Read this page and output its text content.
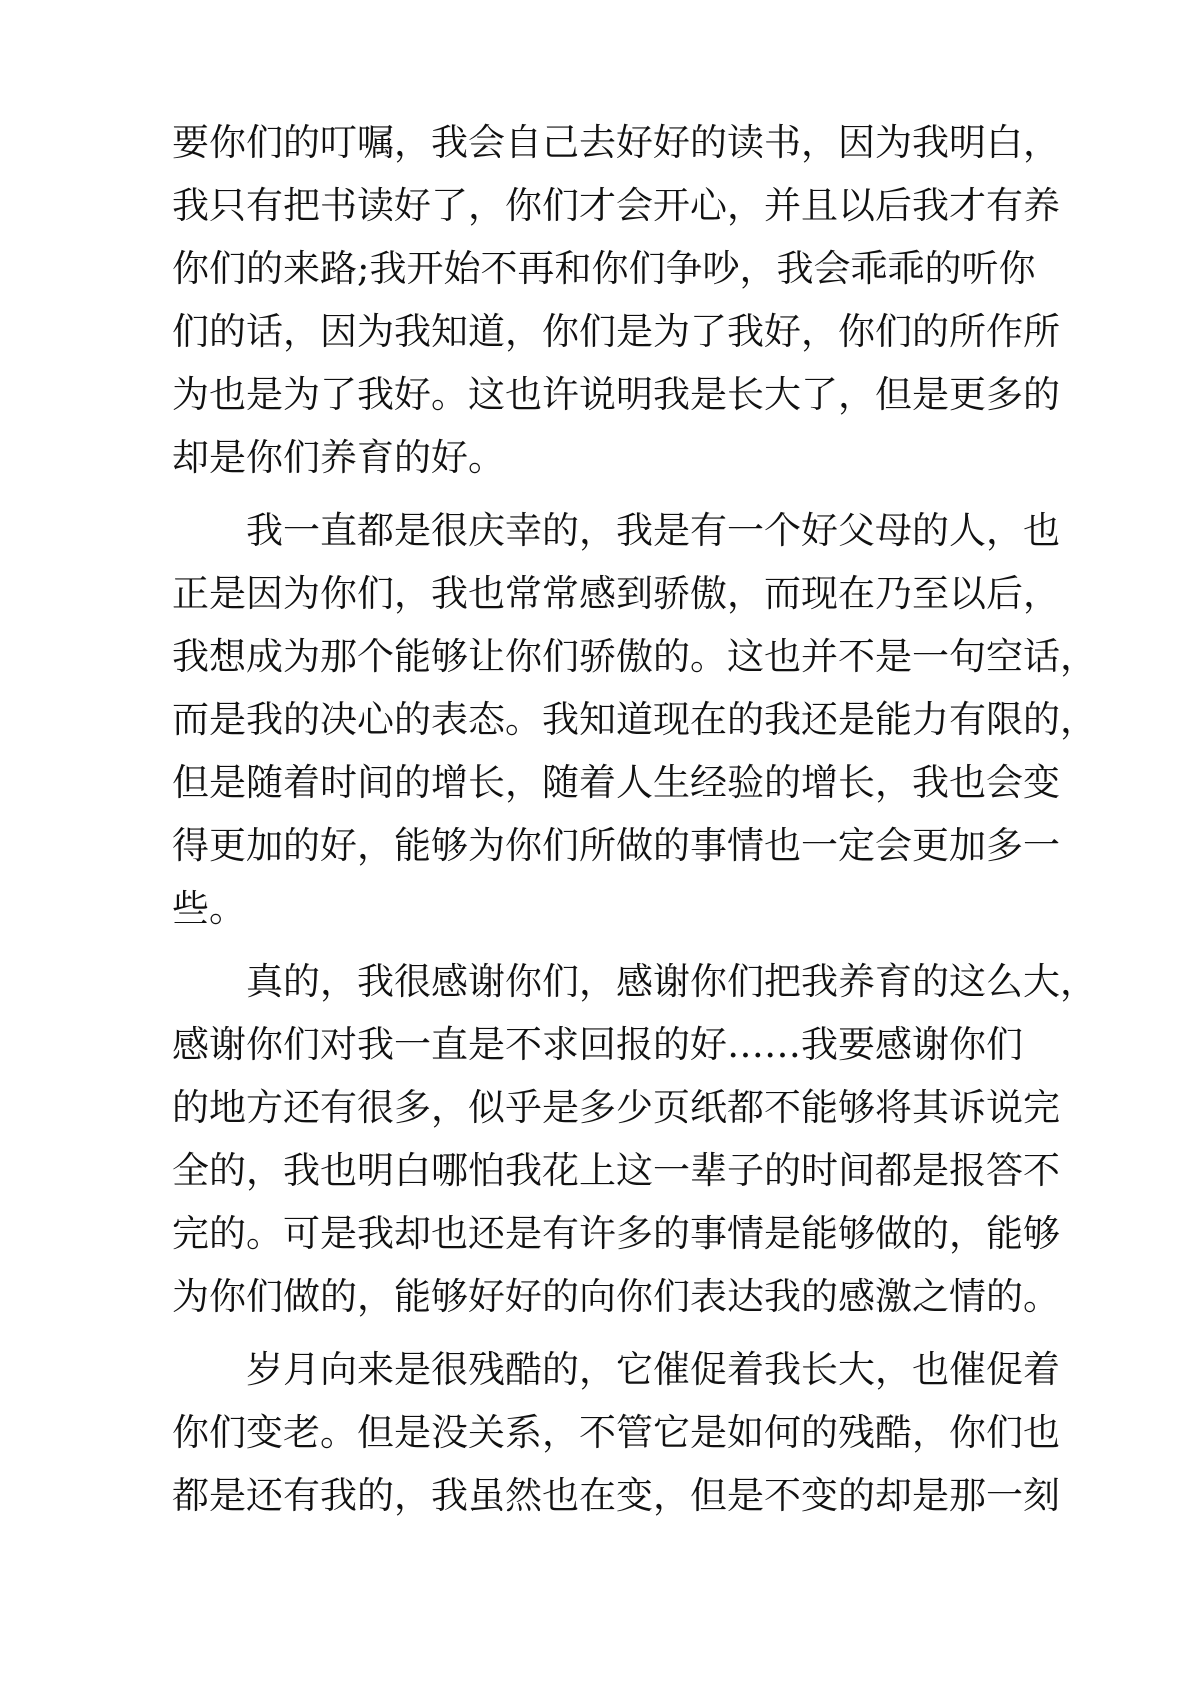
要你们的叮嘱，我会自己去好好的读书，因为我明白，
我只有把书读好了，你们才会开心，并且以后我才有养
你们的来路;我开始不再和你们争吵，我会乖乖的听你
们的话，因为我知道，你们是为了我好，你们的所作所
为也是为了我好。这也许说明我是长大了，但是更多的
却是你们养育的好。
　　我一直都是很庆幸的，我是有一个好父母的人，也
正是因为你们，我也常常感到骄傲，而现在乃至以后，
我想成为那个能够让你们骄傲的。这也并不是一句空话，
而是我的决心的表态。我知道现在的我还是能力有限的，
但是随着时间的增长，随着人生经验的增长，我也会变
得更加的好，能够为你们所做的事情也一定会更加多一
些。
　　真的，我很感谢你们，感谢你们把我养育的这么大，
感谢你们对我一直是不求回报的好……我要感谢你们
的地方还有很多，似乎是多少页纸都不能够将其诉说完
全的，我也明白哪怕我花上这一辈子的时间都是报答不
完的。可是我却也还是有许多的事情是能够做的，能够
为你们做的，能够好好的向你们表达我的感激之情的。
　　岁月向来是很残酷的，它催促着我长大，也催促着
你们变老。但是没关系，不管它是如何的残酷，你们也
都是还有我的，我虽然也在变，但是不变的却是那一刻
